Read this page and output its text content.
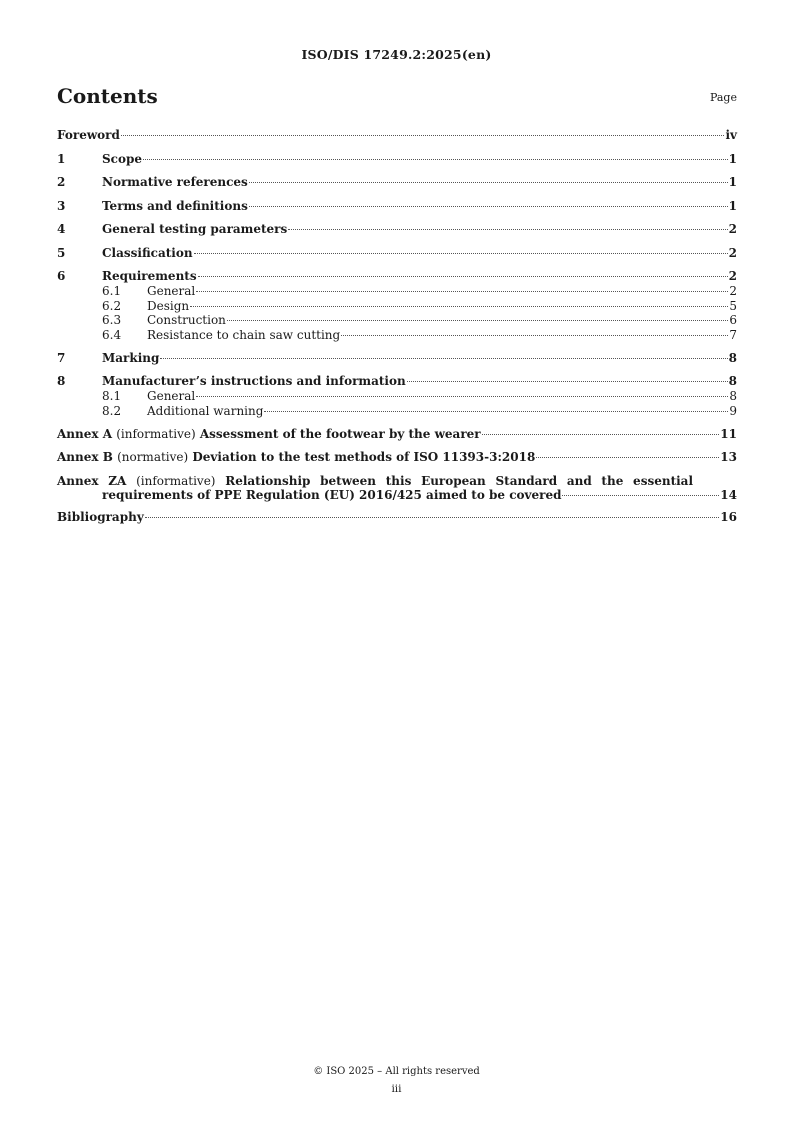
ISO/DIS 17249.2:2025(en)
Contents	Page
Foreword	iv
1	Scope	1
2	Normative references	1
3	Terms and definitions	1
4	General testing parameters	2
5	Classification	2
6	Requirements	2
6.1	General	2
6.2	Design	5
6.3	Construction	6
6.4	Resistance to chain saw cutting	7
7	Marking	8
8	Manufacturer’s instructions and information	8
8.1	General	8
8.2	Additional warning	9
Annex A (informative) Assessment of the footwear by the wearer	11
Annex B (normative) Deviation to the test methods of ISO 11393-3:2018	13
Annex ZA (informative) Relationship between this European Standard and the essential
requirements of PPE Regulation (EU) 2016/425 aimed to be covered	14
Bibliography	16
© ISO 2025 – All rights reserved
iii
